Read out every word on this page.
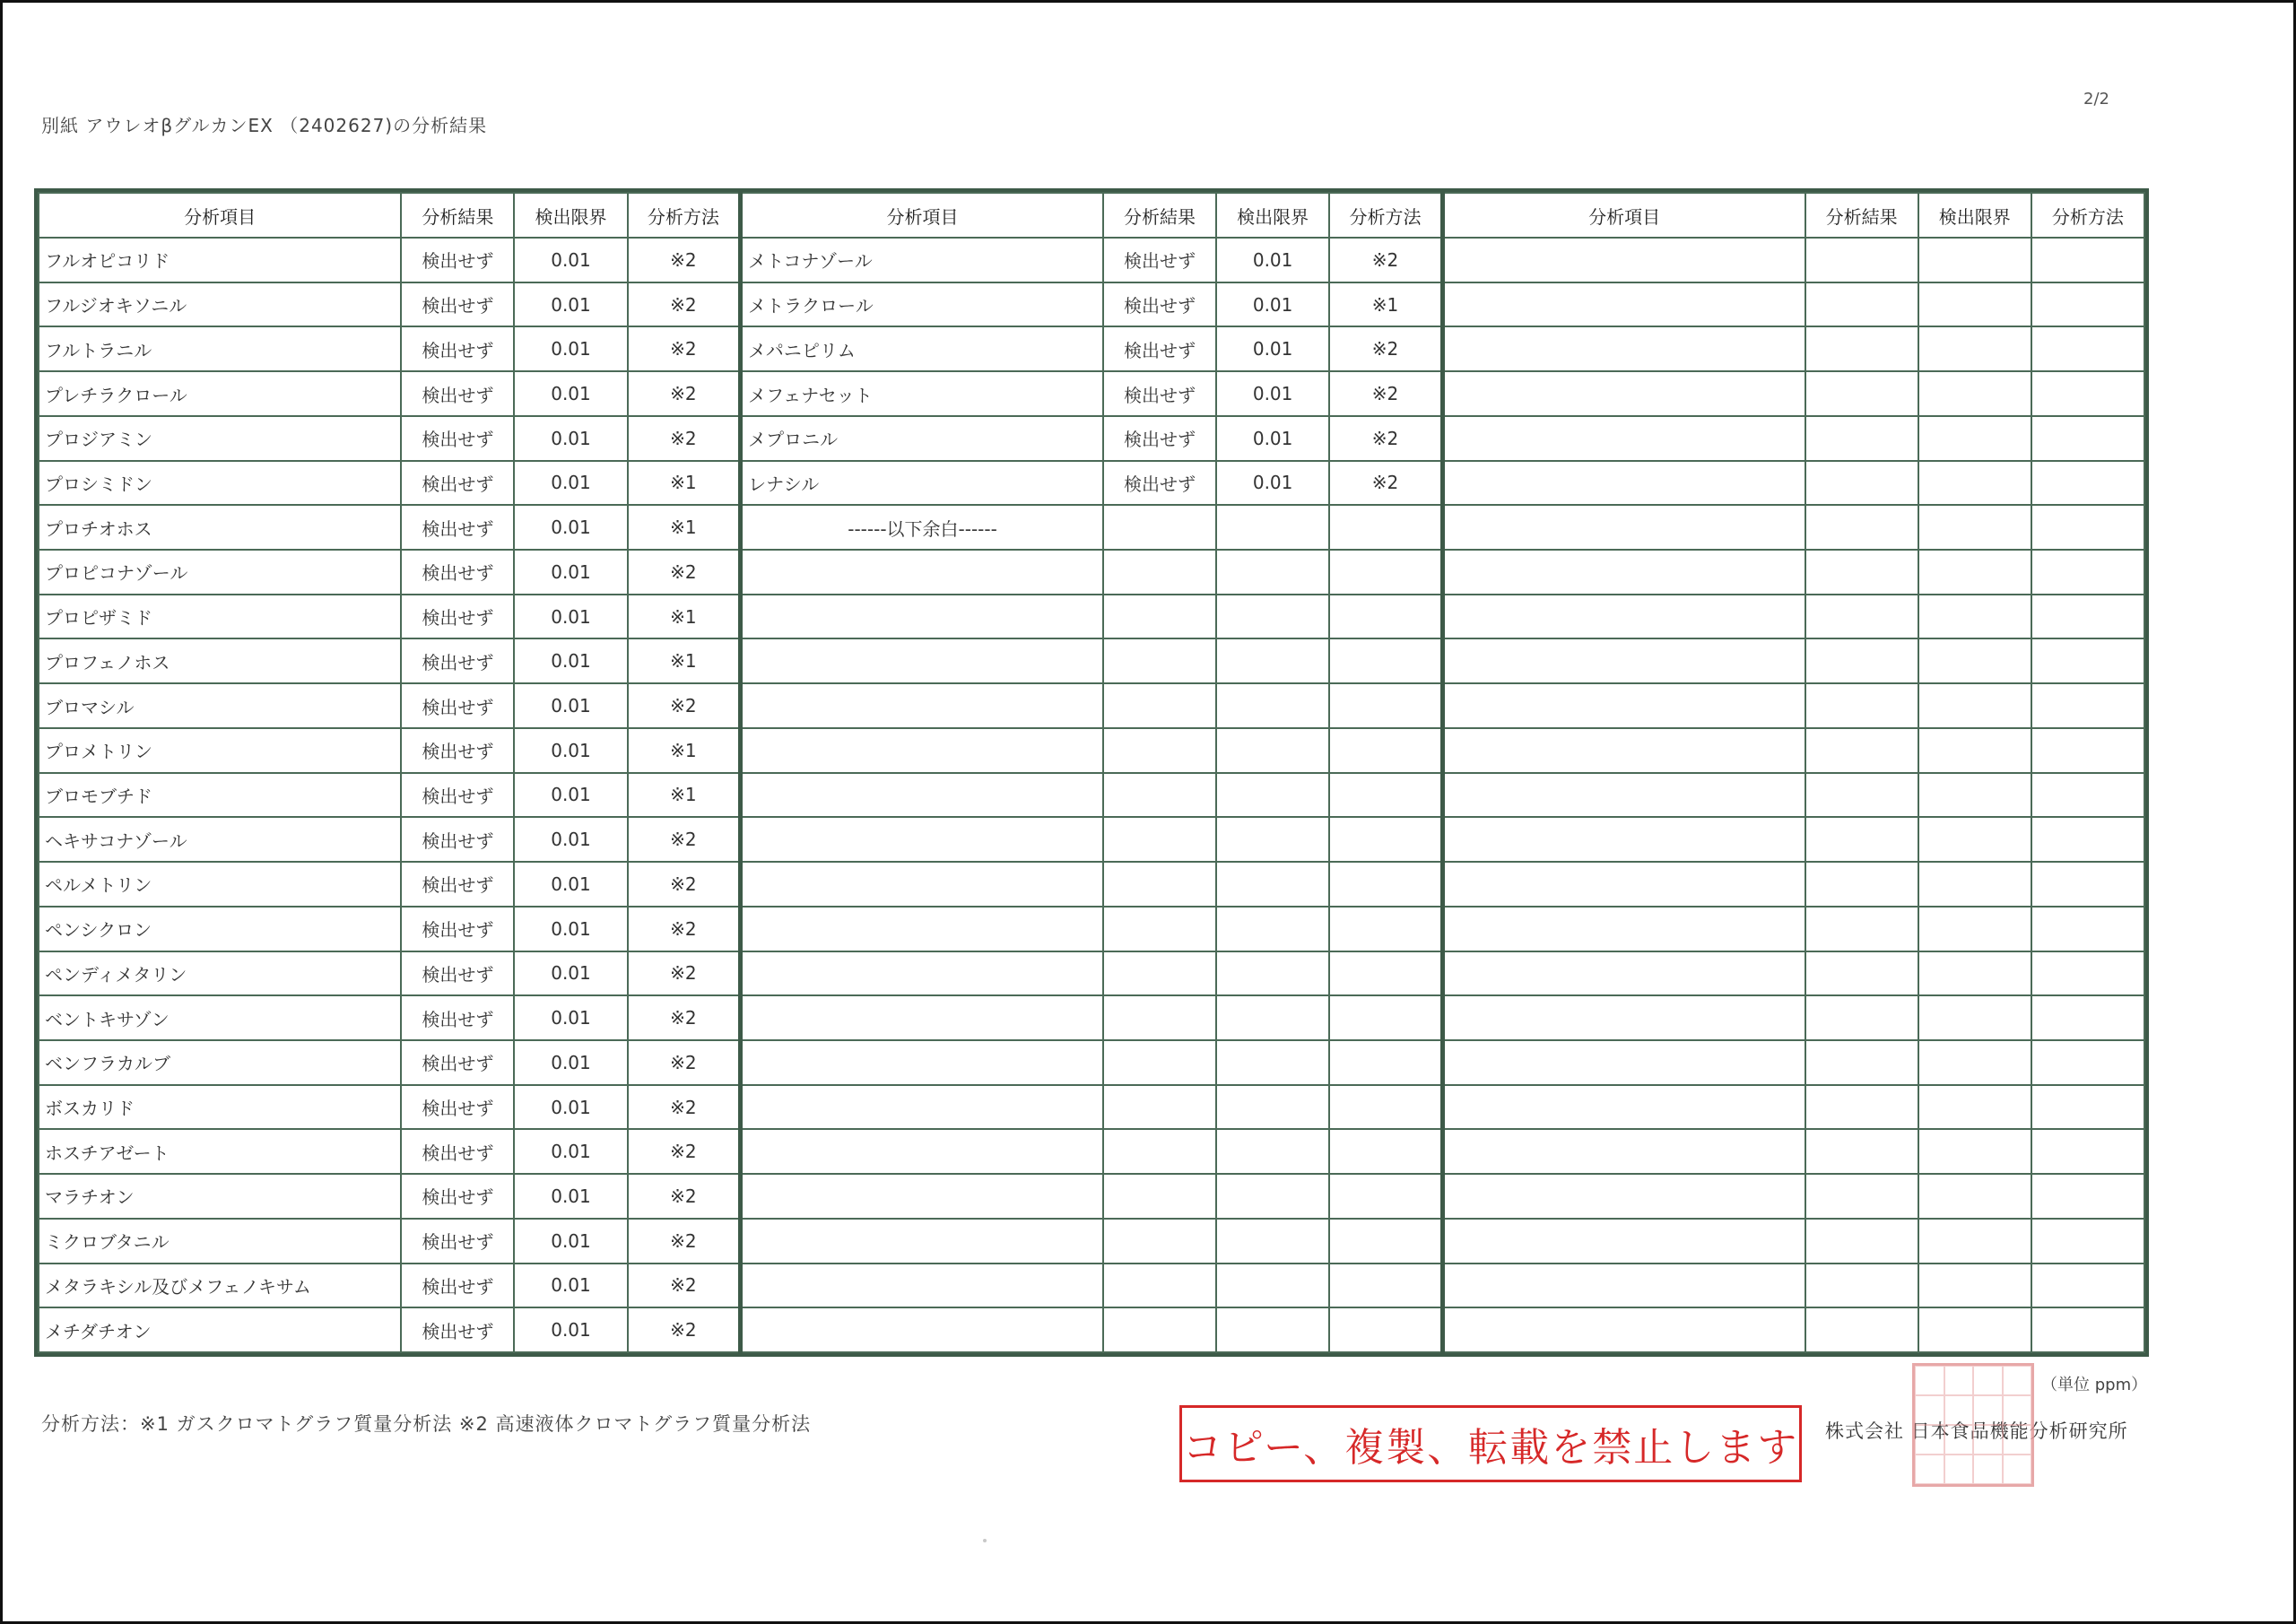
2/2
別紙 アウレオβグルカンEX （2402627)の分析結果
分析項目	分析結果	検出限界	分析方法	分析項目	分析結果	検出限界	分析方法	分析項目	分析結果	検出限界	分析方法
フルオピコリド	検出せず	0.01	※2	メトコナゾール	検出せず	0.01	※2				
フルジオキソニル	検出せず	0.01	※2	メトラクロール	検出せず	0.01	※1				
フルトラニル	検出せず	0.01	※2	メパニピリム	検出せず	0.01	※2				
プレチラクロール	検出せず	0.01	※2	メフェナセット	検出せず	0.01	※2				
プロジアミン	検出せず	0.01	※2	メプロニル	検出せず	0.01	※2				
プロシミドン	検出せず	0.01	※1	レナシル	検出せず	0.01	※2				
プロチオホス	検出せず	0.01	※1	------以下余白------							
プロピコナゾール	検出せず	0.01	※2								
プロピザミド	検出せず	0.01	※1								
プロフェノホス	検出せず	0.01	※1								
ブロマシル	検出せず	0.01	※2								
プロメトリン	検出せず	0.01	※1								
ブロモブチド	検出せず	0.01	※1								
ヘキサコナゾール	検出せず	0.01	※2								
ペルメトリン	検出せず	0.01	※2								
ペンシクロン	検出せず	0.01	※2								
ペンディメタリン	検出せず	0.01	※2								
ベントキサゾン	検出せず	0.01	※2								
ベンフラカルブ	検出せず	0.01	※2								
ボスカリド	検出せず	0.01	※2								
ホスチアゼート	検出せず	0.01	※2								
マラチオン	検出せず	0.01	※2								
ミクロブタニル	検出せず	0.01	※2								
メタラキシル及びメフェノキサム	検出せず	0.01	※2								
メチダチオン	検出せず	0.01	※2								
分析方法：※1 ガスクロマトグラフ質量分析法 ※2 高速液体クロマトグラフ質量分析法
（単位 ppm）
コピー、複製、転載を禁止します 株式会社 日本食品機能分析研究所
